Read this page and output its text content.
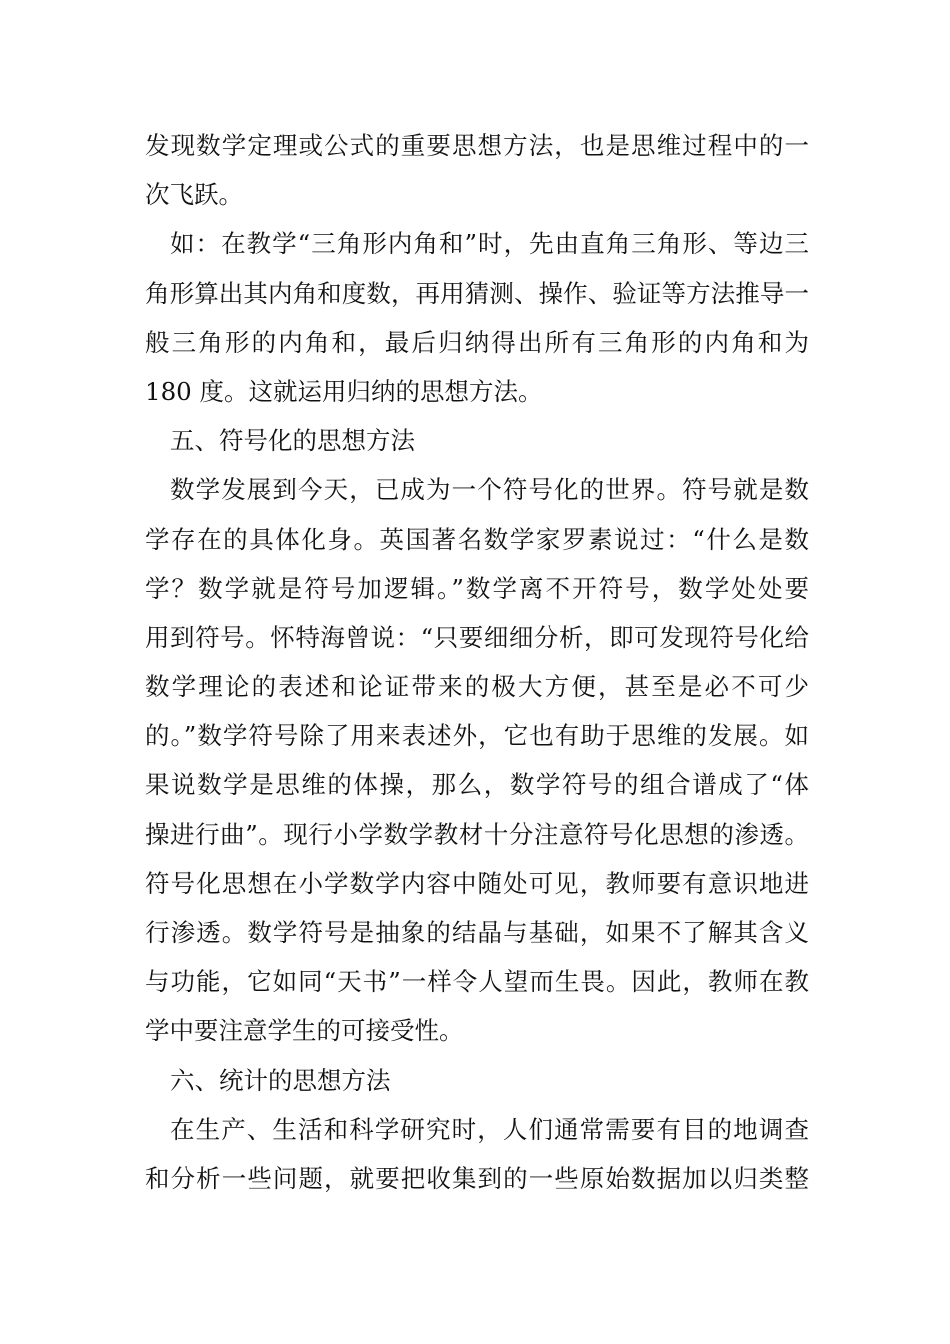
发现数学定理或公式的重要思想方法，也是思维过程中的一
次飞跃。
如：在教学“三角形内角和”时，先由直角三角形、等边三
角形算出其内角和度数，再用猜测、操作、验证等方法推导一
般三角形的内角和，最后归纳得出所有三角形的内角和为
180 度。这就运用归纳的思想方法。
五、符号化的思想方法
数学发展到今天，已成为一个符号化的世界。符号就是数
学存在的具体化身。英国著名数学家罗素说过：“什么是数
学？数学就是符号加逻辑。”数学离不开符号，数学处处要
用到符号。怀特海曾说：“只要细细分析，即可发现符号化给
数学理论的表述和论证带来的极大方便，甚至是必不可少
的。”数学符号除了用来表述外，它也有助于思维的发展。如
果说数学是思维的体操，那么，数学符号的组合谱成了“体
操进行曲”。现行小学数学教材十分注意符号化思想的渗透。
符号化思想在小学数学内容中随处可见，教师要有意识地进
行渗透。数学符号是抽象的结晶与基础，如果不了解其含义
与功能，它如同“天书”一样令人望而生畏。因此，教师在教
学中要注意学生的可接受性。
六、统计的思想方法
在生产、生活和科学研究时，人们通常需要有目的地调查
和分析一些问题，就要把收集到的一些原始数据加以归类整
